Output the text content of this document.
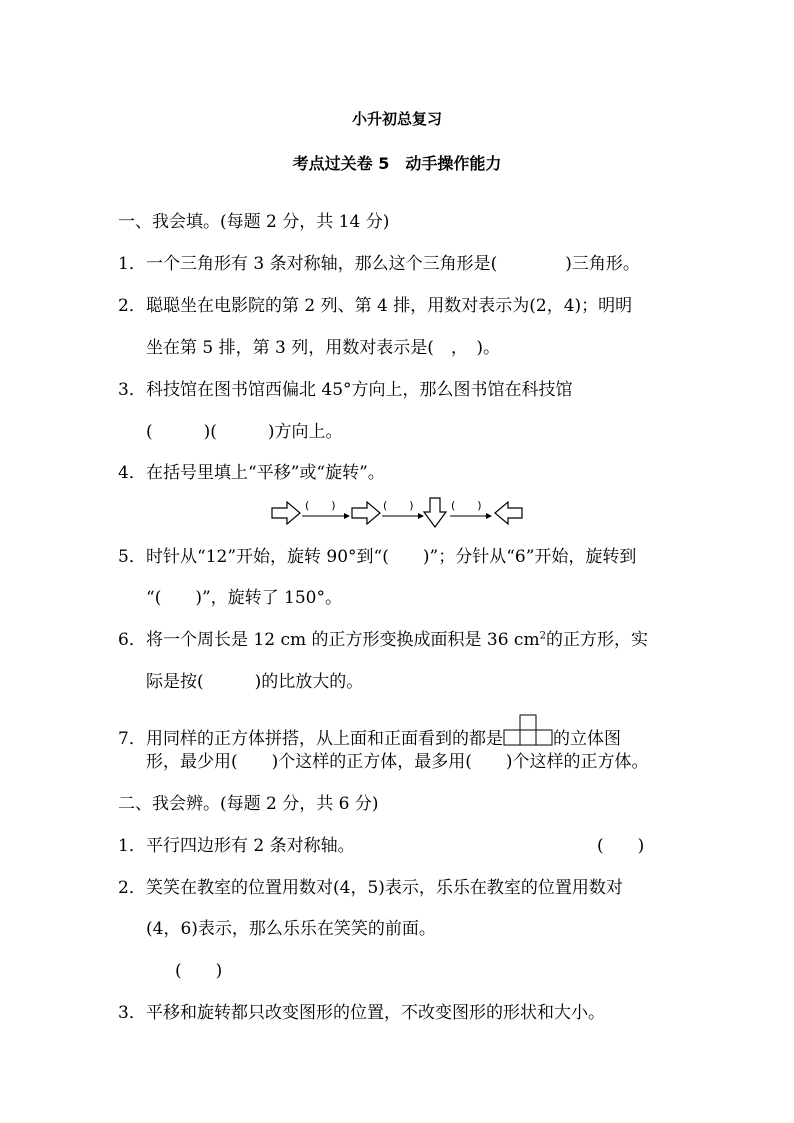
小升初总复习
考点过关卷 5　动手操作能力
一、我会填。(每题 2 分，共 14 分)
1．一个三角形有 3 条对称轴，那么这个三角形是(　　　　)三角形。
2．聪聪坐在电影院的第 2 列、第 4 排，用数对表示为(2，4)；明明
坐在第 5 排，第 3 列，用数对表示是(　，　)。
3．科技馆在图书馆西偏北 45°方向上，那么图书馆在科技馆
(　　　)(　　　)方向上。
4．在括号里填上“平移”或“旋转”。
(　　)	(　　)	(　　)
5．时针从“12”开始，旋转 90°到“(　　)”；分针从“6”开始，旋转到
“(　　)”，旋转了 150°。
6．将一个周长是 12 cm 的正方形变换成面积是 36 $cm^2$的正方形，实
际是按(　　　)的比放大的。
7．用同样的正方体拼搭，从上面和正面看到的都是	的立体图
形，最少用(　　)个这样的正方体，最多用(　　)个这样的正方体。
二、我会辨。(每题 2 分，共 6 分)
1．平行四边形有 2 条对称轴。	(　　)
2．笑笑在教室的位置用数对(4，5)表示，乐乐在教室的位置用数对
(4，6)表示，那么乐乐在笑笑的前面。
(　　)
3．平移和旋转都只改变图形的位置，不改变图形的形状和大小。
